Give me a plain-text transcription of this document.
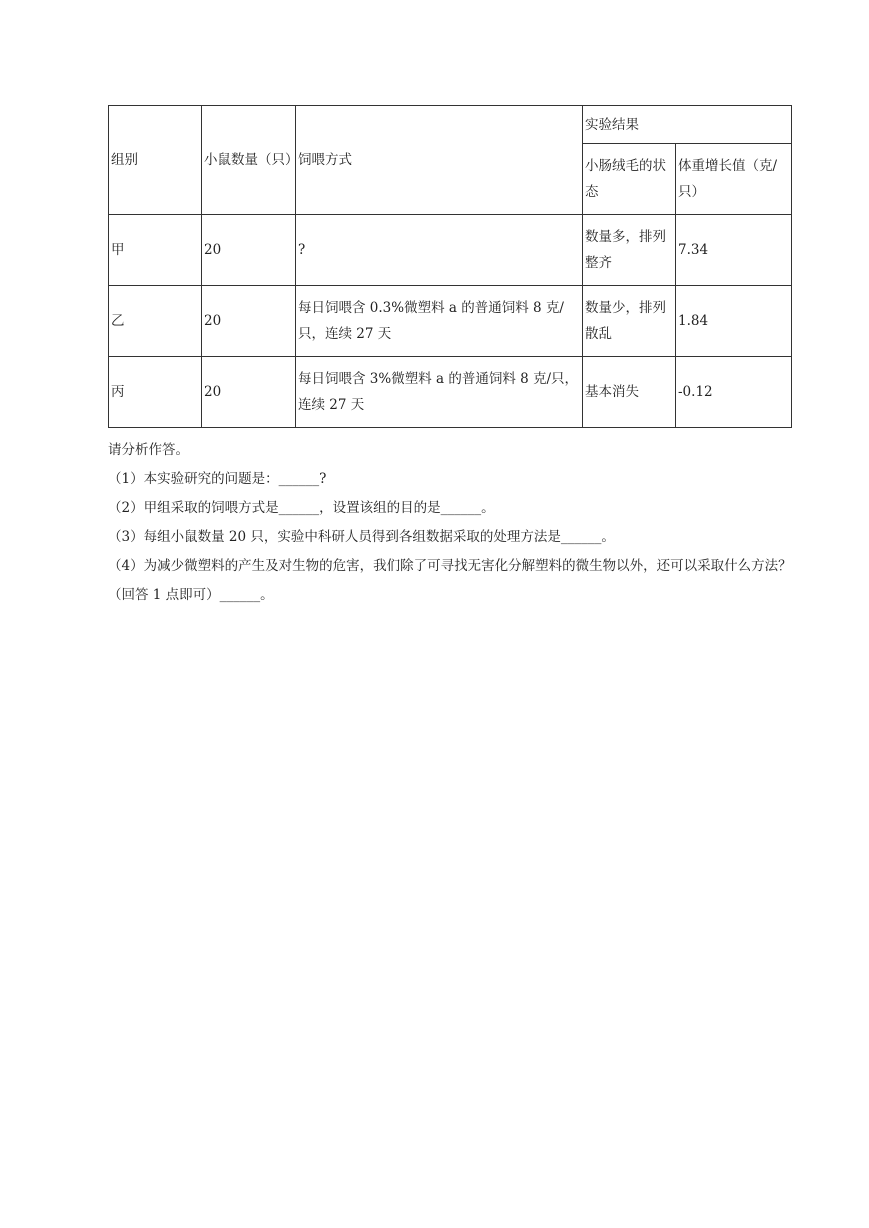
组别	小鼠数量（只）	饲喂方式	实验结果	
			小肠绒毛的状态	体重增长值（克/只）
甲	20	?	数量多，排列整齐	7.34
乙	20	每日饲喂含 0.3%微塑料 a 的普通饲料 8 克/只，连续 27 天	数量少，排列散乱	1.84
丙	20	每日饲喂含 3%微塑料 a 的普通饲料 8 克/只，连续 27 天	基本消失	-0.12

请分析作答。

（1）本实验研究的问题是：______?

（2）甲组采取的饲喂方式是______，设置该组的目的是______。

（3）每组小鼠数量 20 只，实验中科研人员得到各组数据采取的处理方法是______。

（4）为减少微塑料的产生及对生物的危害，我们除了可寻找无害化分解塑料的微生物以外，还可以采取什么方法？（回答 1 点即可）______。
